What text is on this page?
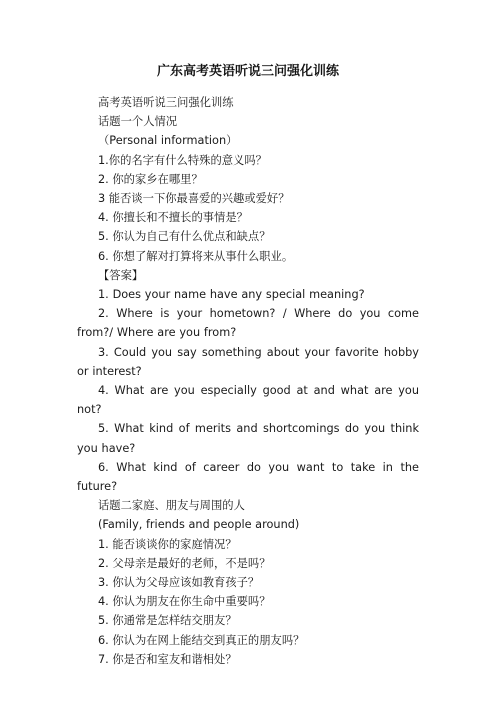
广东高考英语听说三问强化训练

高考英语听说三问强化训练

话题一个人情况

（Personal information）

1.你的名字有什么特殊的意义吗？

2. 你的家乡在哪里？

3 能否谈一下你最喜爱的兴趣或爱好？

4. 你擅长和不擅长的事情是？

5. 你认为自己有什么优点和缺点？

6. 你想了解对打算将来从事什么职业。

【答案】

1. Does your name have any special meaning?

2. Where is your hometown? / Where do you come from?/ Where are you from?

3. Could you say something about your favorite hobby or interest?

4. What are you especially good at and what are you not?

5. What kind of merits and shortcomings do you think you have?

6. What kind of career do you want to take in the future?

话题二家庭、朋友与周围的人

(Family, friends and people around)

1. 能否谈谈你的家庭情况？

2. 父母亲是最好的老师，不是吗？

3. 你认为父母应该如教育孩子？

4. 你认为朋友在你生命中重要吗？

5. 你通常是怎样结交朋友？

6. 你认为在网上能结交到真正的朋友吗？

7. 你是否和室友和谐相处？
